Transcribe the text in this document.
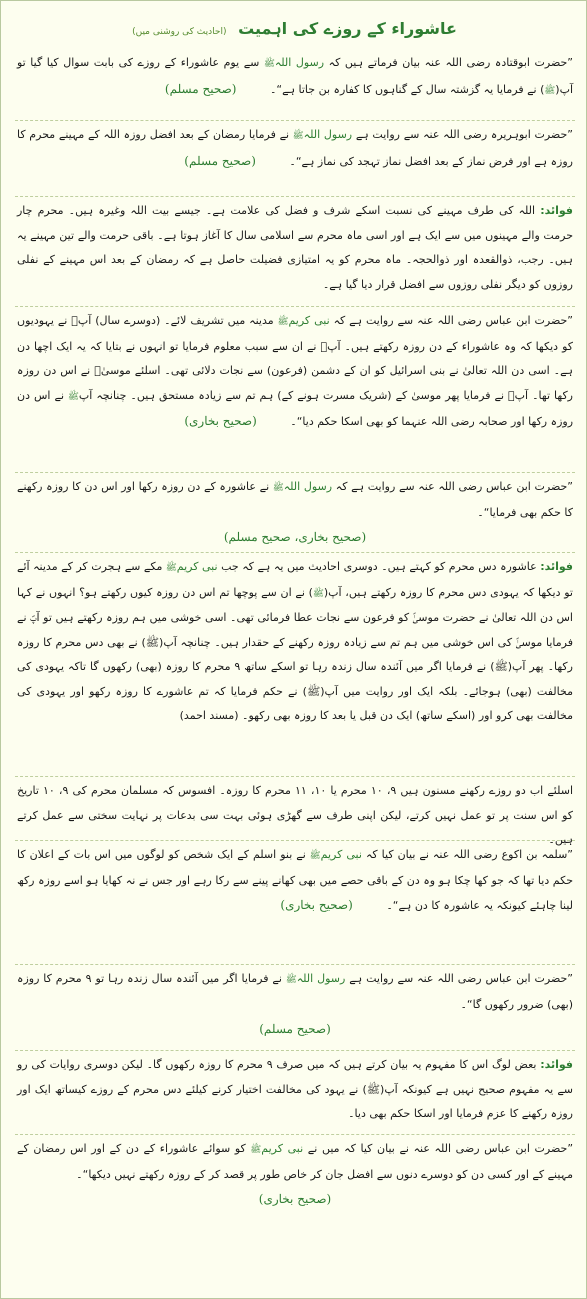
عاشوراء کے روزے کی اہمیت (احادیث کی روشنی میں)

”حضرت ابوقتادہ رضی اللہ عنہ بیان فرماتے ہیں کہ رسول اللہﷺ سے یوم عاشوراء کے روزے کی بابت سوال کیا گیا تو آپ(ﷺ) نے فرمایا یہ گزشتہ سال کے گناہوں کا کفارہ بن جاتا ہے“۔ (صحیح مسلم)

”حضرت ابوہریرہ رضی اللہ عنہ سے روایت ہے رسول اللہﷺ نے فرمایا رمضان کے بعد افضل روزہ اللہ کے مہینے محرم کا روزہ ہے اور فرض نماز کے بعد افضل نماز تہجد کی نماز ہے“۔ (صحیح مسلم)

فوائد: اللہ کی طرف مہینے کی نسبت اسکے شرف و فضل کی علامت ہے۔ جیسے بیت اللہ وغیرہ ہیں۔ محرم چار حرمت والے مہینوں میں سے ایک ہے اور اسی ماہ محرم سے اسلامی سال کا آغاز ہوتا ہے۔ باقی حرمت والے تین مہینے یہ ہیں۔ رجب، ذوالقعدہ اور ذوالحجہ۔ ماہ محرم کو یہ امتیازی فضیلت حاصل ہے کہ رمضان کے بعد اس مہینے کے نفلی روزوں کو دیگر نفلی روزوں سے افضل قرار دیا گیا ہے۔

”حضرت ابن عباس رضی اللہ عنہ سے روایت ہے کہ نبی کریمﷺ مدینہ میں تشریف لائے۔ (دوسرے سال) آپؐ نے یہودیوں کو دیکھا کہ وہ عاشوراء کے دن روزہ رکھتے ہیں۔ آپؐ نے ان سے سبب معلوم فرمایا تو انہوں نے بتایا کہ یہ ایک اچھا دن ہے۔ اسی دن اللہ تعالیٰ نے بنی اسرائیل کو ان کے دشمن (فرعون) سے نجات دلائی تھی۔ اسلئے موسیٰؑ نے اس دن روزہ رکھا تھا۔ آپؐ نے فرمایا پھر موسیٰ کے (شریک مسرت ہونے کے) ہم تم سے زیادہ مستحق ہیں۔ چنانچہ آپﷺ نے اس دن روزہ رکھا اور صحابہ رضی اللہ عنہما کو بھی اسکا حکم دیا“۔ (صحیح بخاری)

”حضرت ابن عباس رضی اللہ عنہ سے روایت ہے کہ رسول اللہﷺ نے عاشورہ کے دن روزہ رکھا اور اس دن کا روزہ رکھنے کا حکم بھی فرمایا“۔

(صحیح بخاری، صحیح مسلم)

فوائد: عاشورہ دس محرم کو کہتے ہیں۔ دوسری احادیث میں یہ ہے کہ جب نبی کریمﷺ مکے سے ہجرت کر کے مدینہ آئے تو دیکھا کہ یہودی دس محرم کا روزہ رکھتے ہیں، آپ(ﷺ) نے ان سے پوچھا تم اس دن روزہ کیوں رکھتے ہو؟ انہوں نے کہا اس دن اللہ تعالیٰ نے حضرت موسیٰؑ کو فرعون سے نجات عطا فرمائی تھی۔ اسی خوشی میں ہم روزہ رکھتے ہیں تو آپؐ نے فرمایا موسیٰؑ کی اس خوشی میں ہم تم سے زیادہ روزہ رکھنے کے حقدار ہیں۔ چنانچہ آپ(ﷺ) نے بھی دس محرم کا روزہ رکھا۔ پھر آپ(ﷺ) نے فرمایا اگر میں آئندہ سال زندہ رہا تو اسکے ساتھ ۹ محرم کا روزہ (بھی) رکھوں گا تاکہ یہودی کی مخالفت (بھی) ہوجائے۔ بلکہ ایک اور روایت میں آپ(ﷺ) نے حکم فرمایا کہ تم عاشورے کا روزہ رکھو اور یہودی کی مخالفت بھی کرو اور (اسکے ساتھ) ایک دن قبل یا بعد کا روزہ بھی رکھو۔ (مسند احمد)

اسلئے اب دو روزے رکھنے مسنون ہیں ۹، ۱۰ محرم یا ۱۰، ۱۱ محرم کا روزہ۔ افسوس کہ مسلمان محرم کی ۹، ۱۰ تاریخ کو اس سنت پر تو عمل نہیں کرتے، لیکن اپنی طرف سے گھڑی ہوئی بہت سی بدعات پر نہایت سختی سے عمل کرتے ہیں۔

”سلمہ بن اکوع رضی اللہ عنہ نے بیان کیا کہ نبی کریمﷺ نے بنو اسلم کے ایک شخص کو لوگوں میں اس بات کے اعلان کا حکم دیا تھا کہ جو کھا چکا ہو وہ دن کے باقی حصے میں بھی کھانے پینے سے رکا رہے اور جس نے نہ کھایا ہو اسے روزہ رکھ لینا چاہئے کیونکہ یہ عاشورہ کا دن ہے“۔ (صحیح بخاری)

”حضرت ابن عباس رضی اللہ عنہ سے روایت ہے رسول اللہﷺ نے فرمایا اگر میں آئندہ سال زندہ رہا تو ۹ محرم کا روزہ (بھی) ضرور رکھوں گا“۔

(صحیح مسلم)

فوائد: بعض لوگ اس کا مفہوم یہ بیان کرتے ہیں کہ میں صرف ۹ محرم کا روزہ رکھوں گا۔ لیکن دوسری روایات کی رو سے یہ مفہوم صحیح نہیں ہے کیونکہ آپ(ﷺ) نے یہود کی مخالفت اختیار کرنے کیلئے دس محرم کے روزے کیساتھ ایک اور روزہ رکھنے کا عزم فرمایا اور اسکا حکم بھی دیا۔

”حضرت ابن عباس رضی اللہ عنہ نے بیان کیا کہ میں نے نبی کریمﷺ کو سوائے عاشوراء کے دن کے اور اس رمضان کے مہینے کے اور کسی دن کو دوسرے دنوں سے افضل جان کر خاص طور پر قصد کر کے روزہ رکھتے نہیں دیکھا“۔

(صحیح بخاری)
